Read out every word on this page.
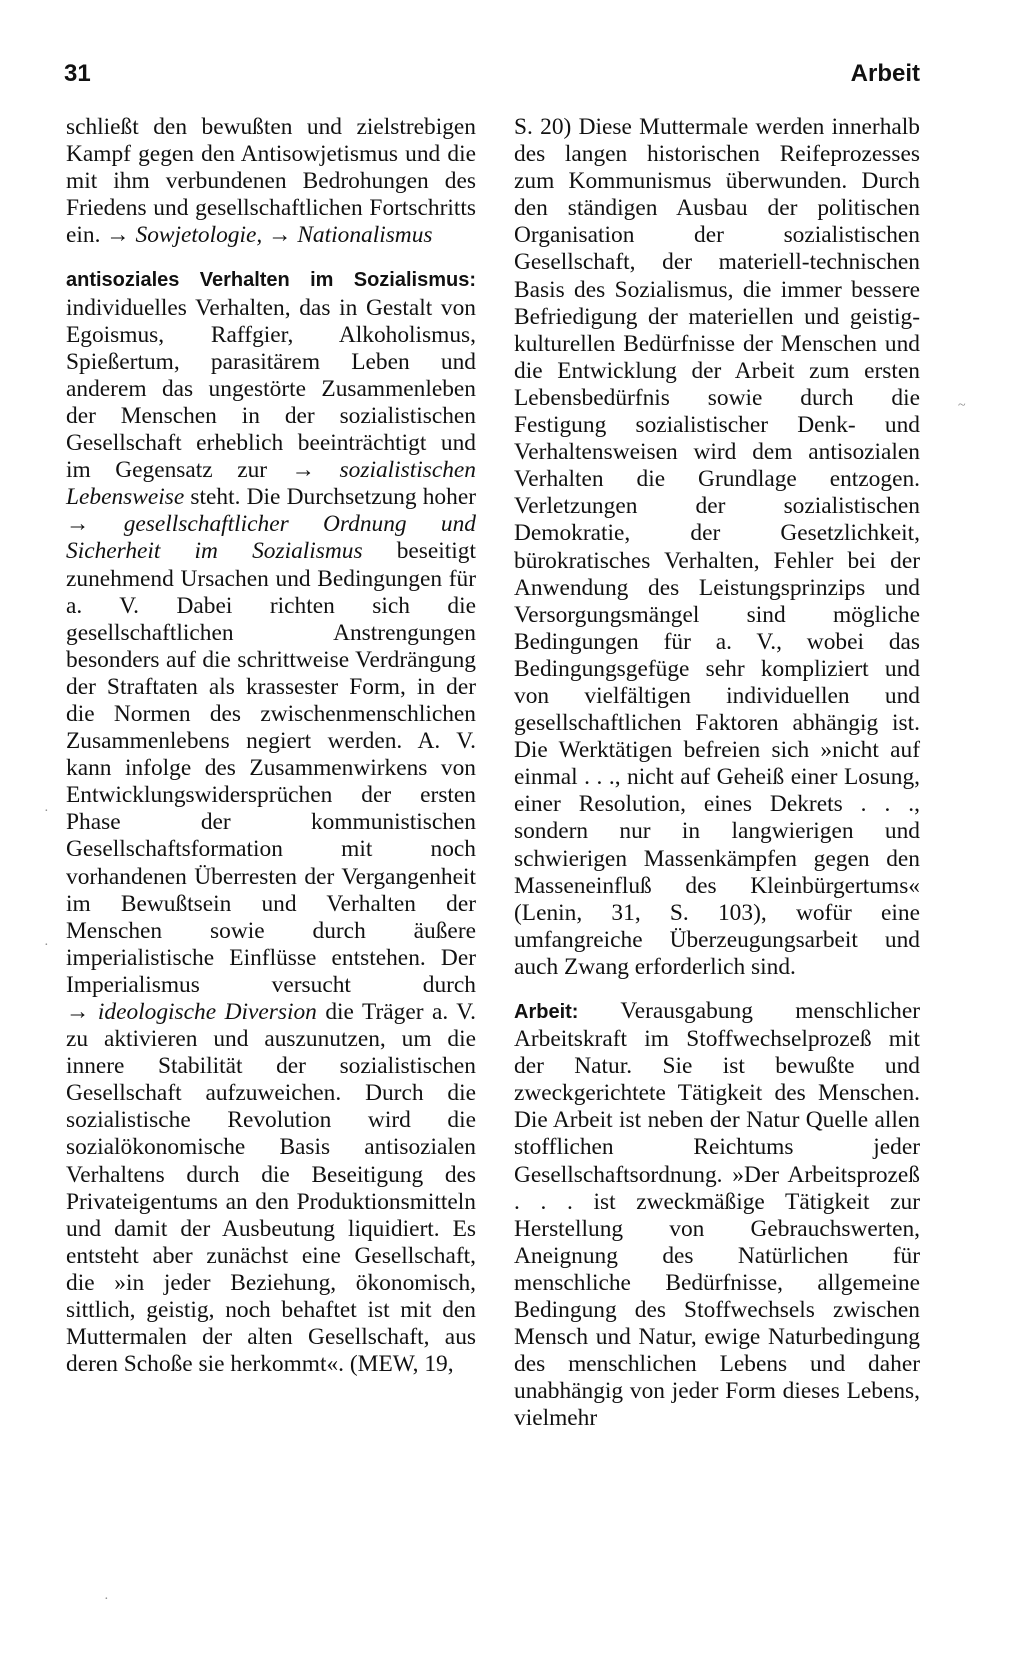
31	Arbeit

schließt den bewußten und zielstrebigen Kampf gegen den Antisowjetismus und die mit ihm verbundenen Bedrohungen des Friedens und gesellschaftlichen Fortschritts ein. → Sowjetologie, → Nationalismus

antisoziales Verhalten im Sozialismus: individuelles Verhalten, das in Gestalt von Egoismus, Raffgier, Alkoholismus, Spießertum, parasitärem Leben und anderem das ungestörte Zusammenleben der Menschen in der sozialistischen Gesellschaft erheblich beeinträchtigt und im Gegensatz zur → sozialistischen Lebensweise steht. Die Durchsetzung hoher → gesellschaftlicher Ordnung und Sicherheit im Sozialismus beseitigt zunehmend Ursachen und Bedingungen für a. V. Dabei richten sich die gesellschaftlichen Anstrengungen besonders auf die schrittweise Verdrängung der Straftaten als krassester Form, in der die Normen des zwischenmenschlichen Zusammenlebens negiert werden. A. V. kann infolge des Zusammenwirkens von Entwicklungswidersprüchen der ersten Phase der kommunistischen Gesellschaftsformation mit noch vorhandenen Überresten der Vergangenheit im Bewußtsein und Verhalten der Menschen sowie durch äußere imperialistische Einflüsse entstehen. Der Imperialismus versucht durch → ideologische Diversion die Träger a. V. zu aktivieren und auszunutzen, um die innere Stabilität der sozialistischen Gesellschaft aufzuweichen. Durch die sozialistische Revolution wird die sozialökonomische Basis antisozialen Verhaltens durch die Beseitigung des Privateigentums an den Produktionsmitteln und damit der Ausbeutung liquidiert. Es entsteht aber zunächst eine Gesellschaft, die »in jeder Beziehung, ökonomisch, sittlich, geistig, noch behaftet ist mit den Muttermalen der alten Gesellschaft, aus deren Schoße sie herkommt«. (MEW, 19,

S. 20) Diese Muttermale werden innerhalb des langen historischen Reifeprozesses zum Kommunismus überwunden. Durch den ständigen Ausbau der politischen Organisation der sozialistischen Gesellschaft, der materiell-technischen Basis des Sozialismus, die immer bessere Befriedigung der materiellen und geistig-kulturellen Bedürfnisse der Menschen und die Entwicklung der Arbeit zum ersten Lebensbedürfnis sowie durch die Festigung sozialistischer Denk- und Verhaltensweisen wird dem antisozialen Verhalten die Grundlage entzogen. Verletzungen der sozialistischen Demokratie, der Gesetzlichkeit, bürokratisches Verhalten, Fehler bei der Anwendung des Leistungsprinzips und Versorgungsmängel sind mögliche Bedingungen für a. V., wobei das Bedingungsgefüge sehr kompliziert und von vielfältigen individuellen und gesellschaftlichen Faktoren abhängig ist. Die Werktätigen befreien sich »nicht auf einmal . . ., nicht auf Geheiß einer Losung, einer Resolution, eines Dekrets . . ., sondern nur in langwierigen und schwierigen Massenkämpfen gegen den Masseneinfluß des Kleinbürgertums« (Lenin, 31, S. 103), wofür eine umfangreiche Überzeugungsarbeit und auch Zwang erforderlich sind.

Arbeit: Verausgabung menschlicher Arbeitskraft im Stoffwechselprozeß mit der Natur. Sie ist bewußte und zweckgerichtete Tätigkeit des Menschen. Die Arbeit ist neben der Natur Quelle allen stofflichen Reichtums jeder Gesellschaftsordnung. »Der Arbeitsprozeß . . . ist zweckmäßige Tätigkeit zur Herstellung von Gebrauchswerten, Aneignung des Natürlichen für menschliche Bedürfnisse, allgemeine Bedingung des Stoffwechsels zwischen Mensch und Natur, ewige Naturbedingung des menschlichen Lebens und daher unabhängig von jeder Form dieses Lebens, vielmehr

~
·
·
·
